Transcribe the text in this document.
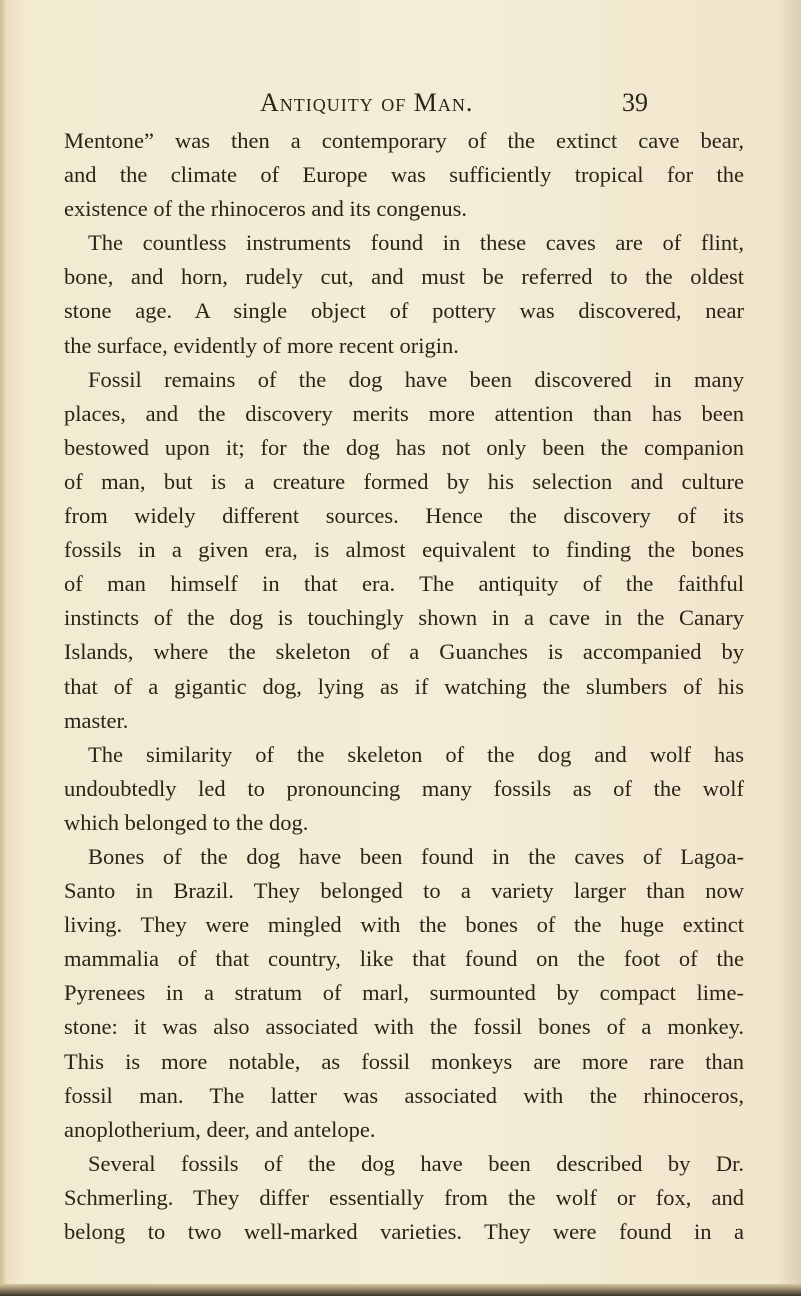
Antiquity of Man.	39
Mentone” was then a contemporary of the extinct cave bear,
and the climate of Europe was sufficiently tropical for the
existence of the rhinoceros and its congenus.
The countless instruments found in these caves are of flint,
bone, and horn, rudely cut, and must be referred to the oldest
stone age. A single object of pottery was discovered, near
the surface, evidently of more recent origin.
Fossil remains of the dog have been discovered in many
places, and the discovery merits more attention than has been
bestowed upon it; for the dog has not only been the companion
of man, but is a creature formed by his selection and culture
from widely different sources. Hence the discovery of its
fossils in a given era, is almost equivalent to finding the bones
of man himself in that era. The antiquity of the faithful
instincts of the dog is touchingly shown in a cave in the Canary
Islands, where the skeleton of a Guanches is accompanied by
that of a gigantic dog, lying as if watching the slumbers of his
master.
The similarity of the skeleton of the dog and wolf has
undoubtedly led to pronouncing many fossils as of the wolf
which belonged to the dog.
Bones of the dog have been found in the caves of Lagoa-
Santo in Brazil. They belonged to a variety larger than now
living. They were mingled with the bones of the huge extinct
mammalia of that country, like that found on the foot of the
Pyrenees in a stratum of marl, surmounted by compact lime-
stone: it was also associated with the fossil bones of a monkey.
This is more notable, as fossil monkeys are more rare than
fossil man. The latter was associated with the rhinoceros,
anoplotherium, deer, and antelope.
Several fossils of the dog have been described by Dr.
Schmerling. They differ essentially from the wolf or fox, and
belong to two well-marked varieties. They were found in a
